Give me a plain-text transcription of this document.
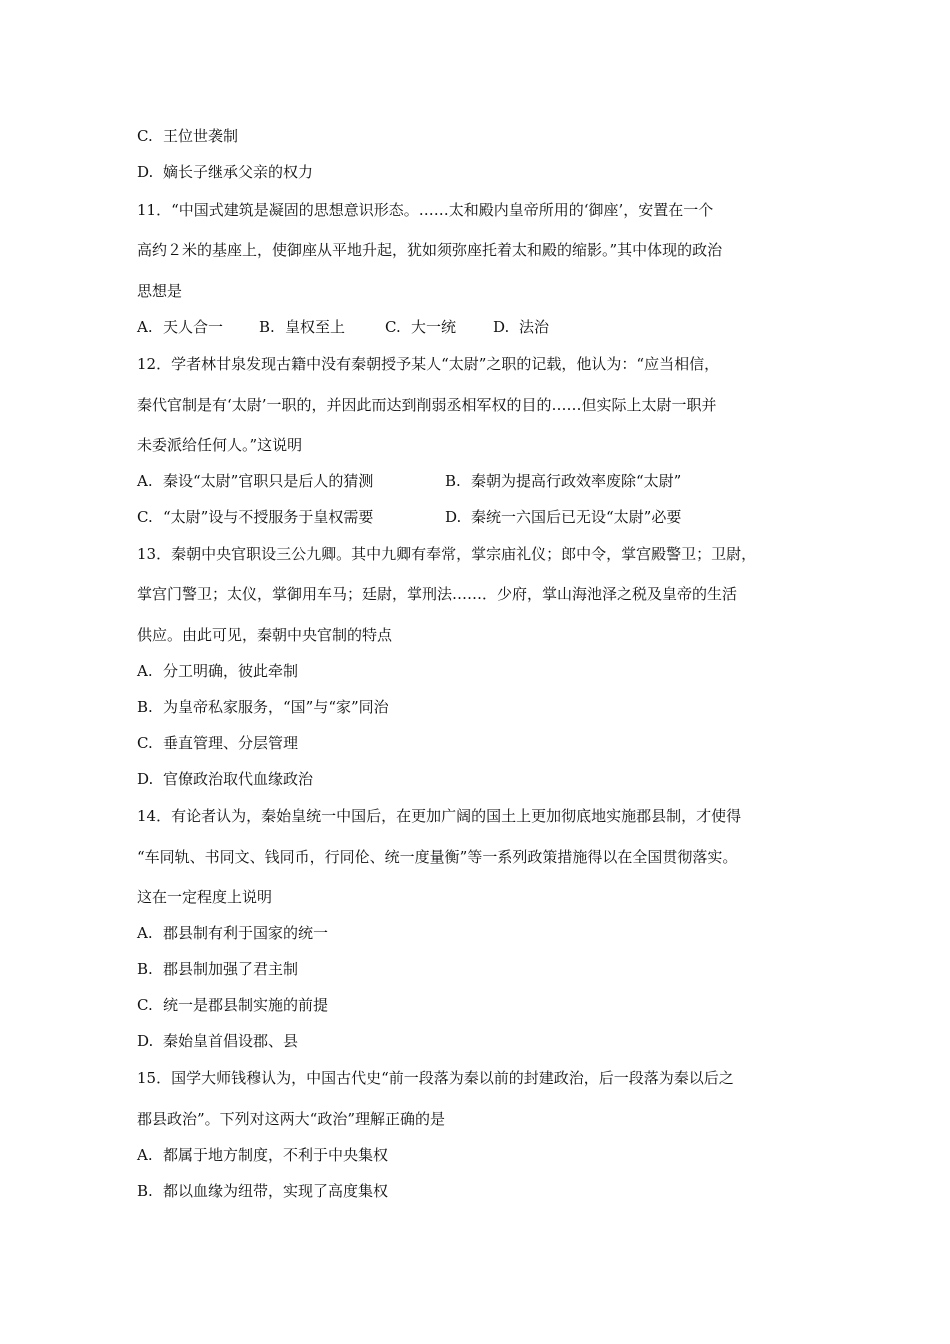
C. 王位世袭制
D. 嫡长子继承父亲的权力
11．“中国式建筑是凝固的思想意识形态。……太和殿内皇帝所用的‘御座’，安置在一个
高约２米的基座上，使御座从平地升起，犹如须弥座托着太和殿的缩影。”其中体现的政治
思想是
A. 天人合一 B. 皇权至上	C. 大一统 D. 法治
12．学者林甘泉发现古籍中没有秦朝授予某人“太尉”之职的记载，他认为：“应当相信，
秦代官制是有‘太尉’一职的，并因此而达到削弱丞相军权的目的……但实际上太尉一职并
未委派给任何人。”这说明
A. 秦设“太尉”官职只是后人的猜测	B. 秦朝为提高行政效率废除“太尉”
C. “太尉”设与不授服务于皇权需要	D. 秦统一六国后已无设“太尉”必要
13．秦朝中央官职设三公九卿。其中九卿有奉常，掌宗庙礼仪；郎中令，掌宫殿警卫；卫尉，
掌宫门警卫；太仪，掌御用车马；廷尉，掌刑法……．少府，掌山海池泽之税及皇帝的生活
供应。由此可见，秦朝中央官制的特点
A. 分工明确，彼此牵制
B. 为皇帝私家服务，“国”与“家”同治
C. 垂直管理、分层管理
D. 官僚政治取代血缘政治
14．有论者认为，秦始皇统一中国后，在更加广阔的国土上更加彻底地实施郡县制，才使得
“车同轨、书同文、钱同币，行同伦、统一度量衡”等一系列政策措施得以在全国贯彻落实。
这在一定程度上说明
A. 郡县制有利于国家的统一
B. 郡县制加强了君主制
C. 统一是郡县制实施的前提
D. 秦始皇首倡设郡、县
15．国学大师钱穆认为，中国古代史“前一段落为秦以前的封建政治，后一段落为秦以后之
郡县政治”。下列对这两大“政治”理解正确的是
A. 都属于地方制度，不利于中央集权
B. 都以血缘为纽带，实现了高度集权
